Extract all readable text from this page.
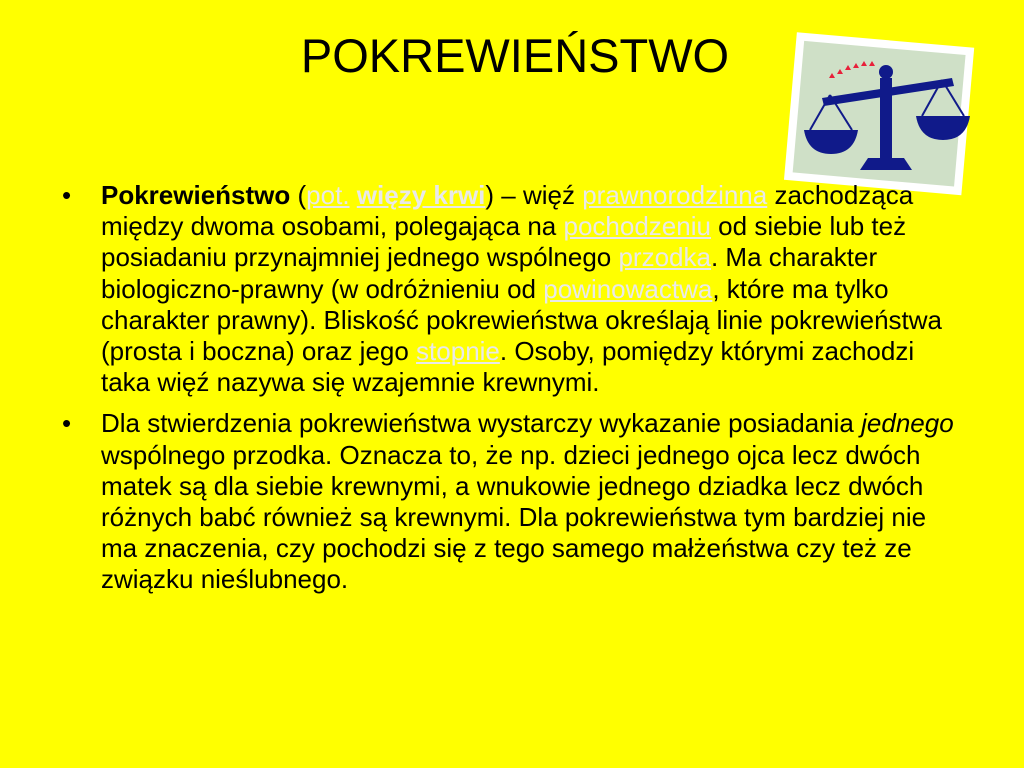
POKREWIEŃSTWO
• Pokrewieństwo (pot. więzy krwi) – więź prawnorodzinna zachodząca między dwoma osobami, polegająca na pochodzeniu od siebie lub też posiadaniu przynajmniej jednego wspólnego przodka. Ma charakter biologiczno-prawny (w odróżnieniu od powinowactwa, które ma tylko charakter prawny). Bliskość pokrewieństwa określają linie pokrewieństwa (prosta i boczna) oraz jego stopnie. Osoby, pomiędzy którymi zachodzi taka więź nazywa się wzajemnie krewnymi.
• Dla stwierdzenia pokrewieństwa wystarczy wykazanie posiadania jednego wspólnego przodka. Oznacza to, że np. dzieci jednego ojca lecz dwóch matek są dla siebie krewnymi, a wnukowie jednego dziadka lecz dwóch różnych babć również są krewnymi. Dla pokrewieństwa tym bardziej nie ma znaczenia, czy pochodzi się z tego samego małżeństwa czy też ze związku nieślubnego.
